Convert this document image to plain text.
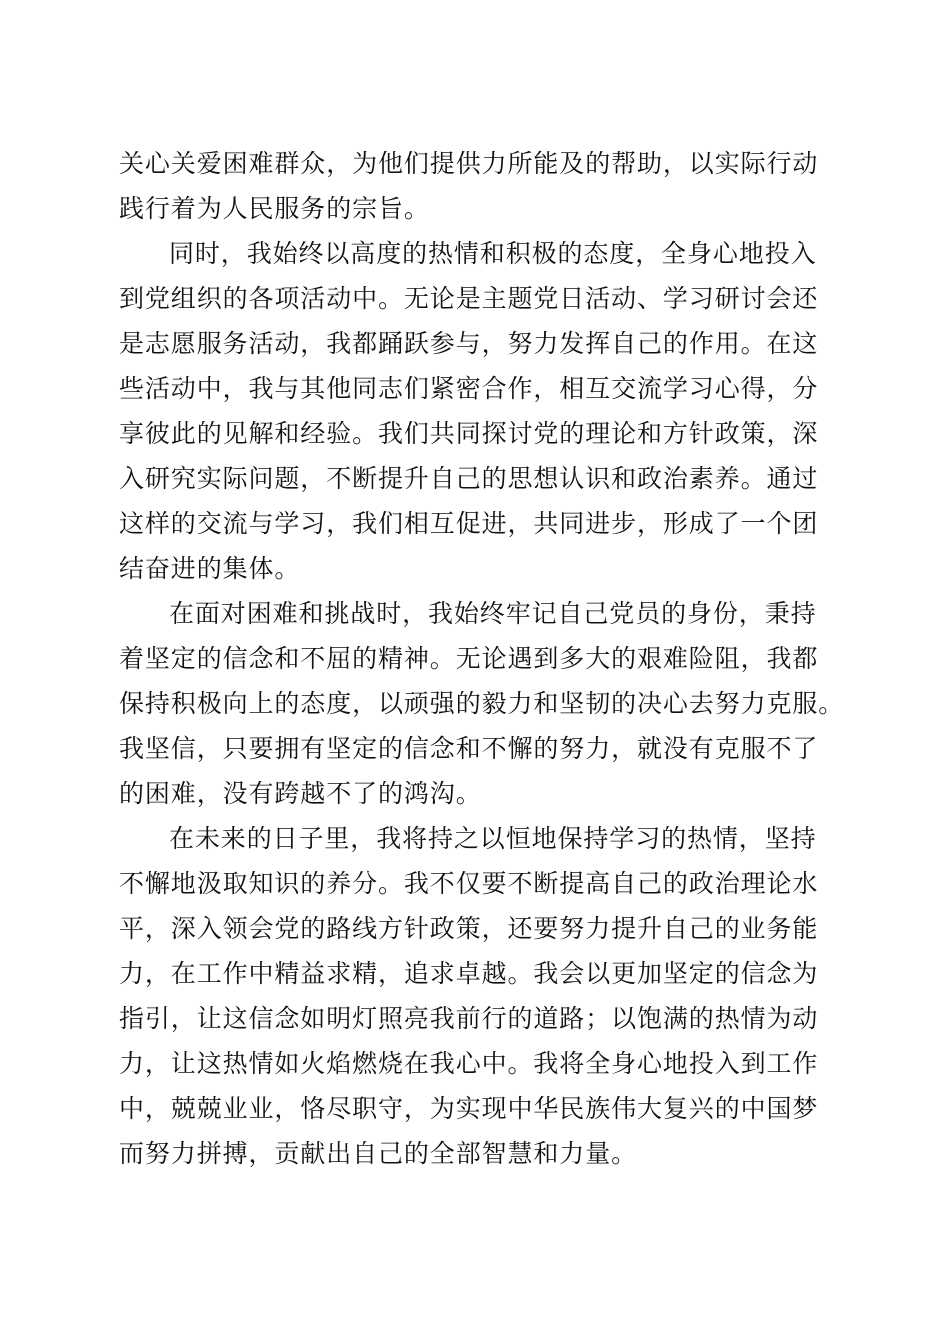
关心关爱困难群众，为他们提供力所能及的帮助，以实际行动
践行着为人民服务的宗旨。
同时，我始终以高度的热情和积极的态度，全身心地投入
到党组织的各项活动中。无论是主题党日活动、学习研讨会还
是志愿服务活动，我都踊跃参与，努力发挥自己的作用。在这
些活动中，我与其他同志们紧密合作，相互交流学习心得，分
享彼此的见解和经验。我们共同探讨党的理论和方针政策，深
入研究实际问题，不断提升自己的思想认识和政治素养。通过
这样的交流与学习，我们相互促进，共同进步，形成了一个团
结奋进的集体。
在面对困难和挑战时，我始终牢记自己党员的身份，秉持
着坚定的信念和不屈的精神。无论遇到多大的艰难险阻，我都
保持积极向上的态度，以顽强的毅力和坚韧的决心去努力克服。
我坚信，只要拥有坚定的信念和不懈的努力，就没有克服不了
的困难，没有跨越不了的鸿沟。
在未来的日子里，我将持之以恒地保持学习的热情，坚持
不懈地汲取知识的养分。我不仅要不断提高自己的政治理论水
平，深入领会党的路线方针政策，还要努力提升自己的业务能
力，在工作中精益求精，追求卓越。我会以更加坚定的信念为
指引，让这信念如明灯照亮我前行的道路；以饱满的热情为动
力，让这热情如火焰燃烧在我心中。我将全身心地投入到工作
中，兢兢业业，恪尽职守，为实现中华民族伟大复兴的中国梦
而努力拼搏，贡献出自己的全部智慧和力量。
